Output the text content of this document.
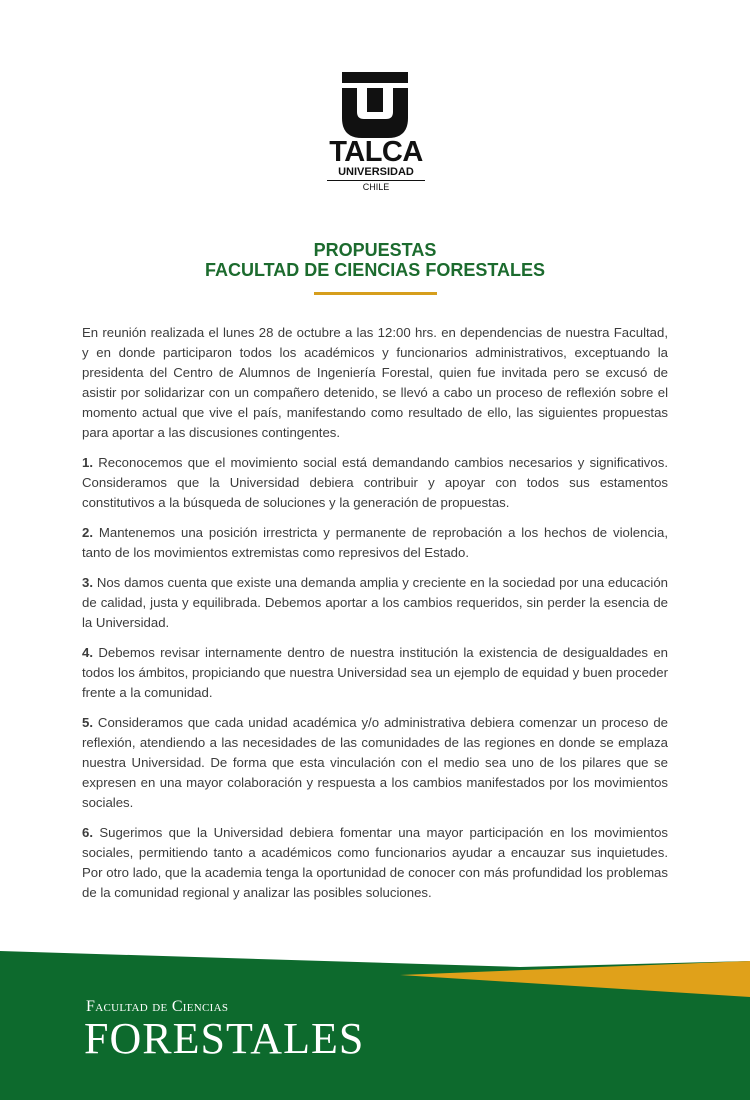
TALCA
UNIVERSIDAD
CHILE
PROPUESTAS
FACULTAD DE CIENCIAS FORESTALES

En reunión realizada el lunes 28 de octubre a las 12:00 hrs. en dependencias de nuestra Facultad, y en donde participaron todos los académicos y funcionarios administrativos, exceptuando la presidenta del Centro de Alumnos de Ingeniería Forestal, quien fue invitada pero se excusó de asistir por solidarizar con un compañero detenido, se llevó a cabo un proceso de reflexión sobre el momento actual que vive el país, manifestando como resultado de ello, las siguientes propuestas para aportar a las discusiones contingentes.

1. Reconocemos que el movimiento social está demandando cambios necesarios y significativos. Consideramos que la Universidad debiera contribuir y apoyar con todos sus estamentos constitutivos a la búsqueda de soluciones y la generación de propuestas.

2. Mantenemos una posición irrestricta y permanente de reprobación a los hechos de violencia, tanto de los movimientos extremistas como represivos del Estado.

3. Nos damos cuenta que existe una demanda amplia y creciente en la sociedad por una educación de calidad, justa y equilibrada. Debemos aportar a los cambios requeridos, sin perder la esencia de la Universidad.

4. Debemos revisar internamente dentro de nuestra institución la existencia de desigualdades en todos los ámbitos, propiciando que nuestra Universidad sea un ejemplo de equidad y buen proceder frente a la comunidad.

5. Consideramos que cada unidad académica y/o administrativa debiera comenzar un proceso de reflexión, atendiendo a las necesidades de las comunidades de las regiones en donde se emplaza nuestra Universidad. De forma que esta vinculación con el medio sea uno de los pilares que se expresen en una mayor colaboración y respuesta a los cambios manifestados por los movimientos sociales.

6. Sugerimos que la Universidad debiera fomentar una mayor participación en los movimientos sociales, permitiendo tanto a académicos como funcionarios ayudar a encauzar sus inquietudes. Por otro lado, que la academia tenga la oportunidad de conocer con más profundidad los problemas de la comunidad regional y analizar las posibles soluciones.

Facultad de Ciencias
FORESTALES
